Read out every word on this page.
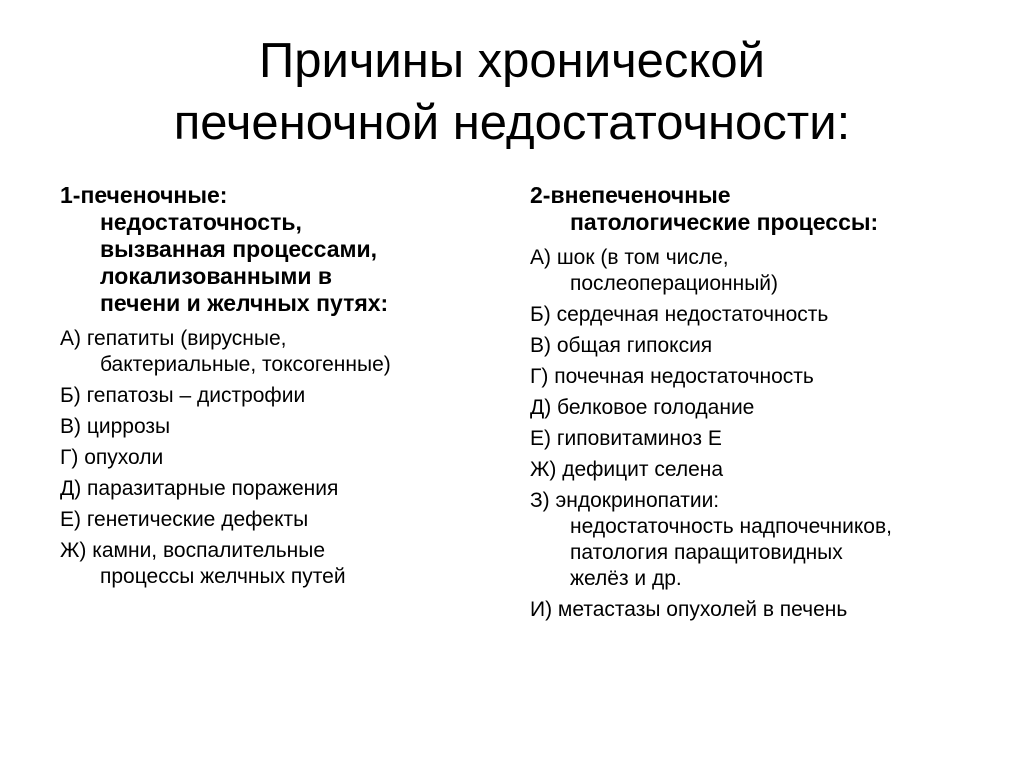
Причины хронической
печеночной недостаточности:
1-печеночные:
недостаточность,
вызванная процессами,
локализованными в
печени и желчных путях:
А) гепатиты (вирусные,
бактериальные, токсогенные)
Б) гепатозы – дистрофии
В) циррозы
Г) опухоли
Д) паразитарные поражения
Е) генетические дефекты
Ж) камни, воспалительные
процессы желчных путей
2-внепеченочные
патологические процессы:
А) шок (в том числе,
послеоперационный)
Б) сердечная недостаточность
В) общая гипоксия
Г) почечная недостаточность
Д) белковое голодание
Е) гиповитаминоз Е
Ж) дефицит селена
З) эндокринопатии:
недостаточность надпочечников,
патология паращитовидных
желёз и др.
И) метастазы опухолей в печень
